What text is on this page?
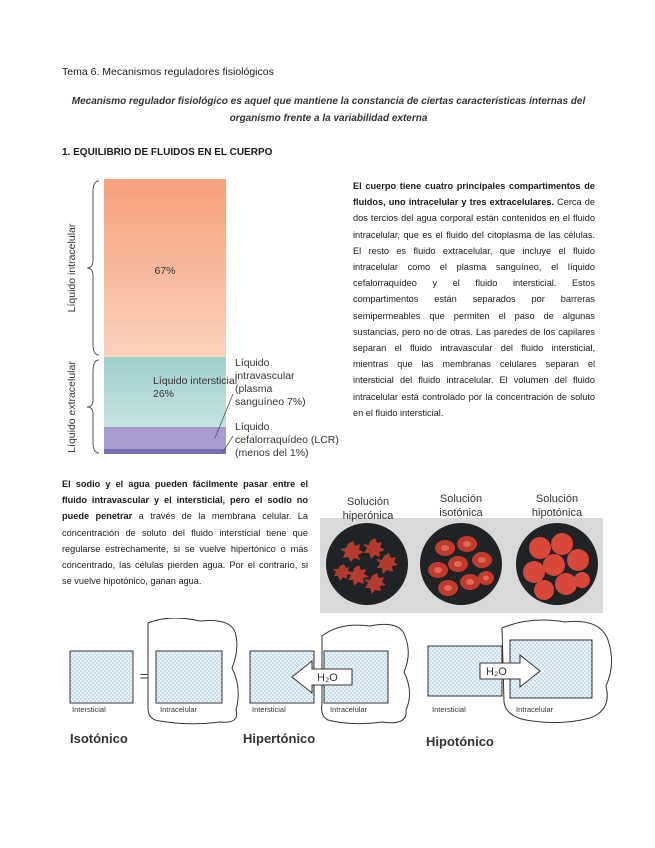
Tema 6. Mecanismos reguladores fisiológicos
Mecanismo regulador fisiológico es aquel que mantiene la constancia de ciertas características internas del organismo frente a la variabilidad externa
1. EQUILIBRIO DE FLUIDOS EN EL CUERPO
67%
Líquido intersticial
26%
Líquido intracelular
Líquido extracelular	Líquido
intravascular
(plasma
sanguíneo 7%)
Líquido
cefalorraquídeo (LCR)
(menos del 1%)
El cuerpo tiene cuatro principales compartimentos de fluidos, uno intracelular y tres extracelulares. Cerca de dos tercios del agua corporal están contenidos en el fluido intracelular, que es el fluido del citoplasma de las células. El resto es fluido extracelular, que incluye el fluido intracelular como el plasma sanguíneo, el líquido cefalorraquídeo y el fluido intersticial. Estos compartimentos están separados por barreras semipermeables que permiten el paso de algunas sustancias, pero no de otras. Las paredes de los capilares separan el fluido intravascular del fluido intersticial, mientras que las membranas celulares separan el intersticial del fluido intracelular. El volumen del fluido intracelular está controlado por la concentración de soluto en el fluido intersticial.
El sodio y el agua pueden fácilmente pasar entre el fluido intravascular y el intersticial, pero el sodio no puede penetrar a través de la membrana celular. La concentración de soluto del fluido intersticial tiene que regularse estrechamente, si se vuelve hipertónico o más concentrado, las células pierden agua. Por el contrario, si se vuelve hipotónico, ganan agua.
Solución
hiperónica
Solución
isotónica
Solución
hipotónica
=
Intersticial	Intracelular
Isotónico
H₂O
Intersticial	Intracelular
Hipertónico
H₂O
Intersticial	Intracelular
Hipotónico
